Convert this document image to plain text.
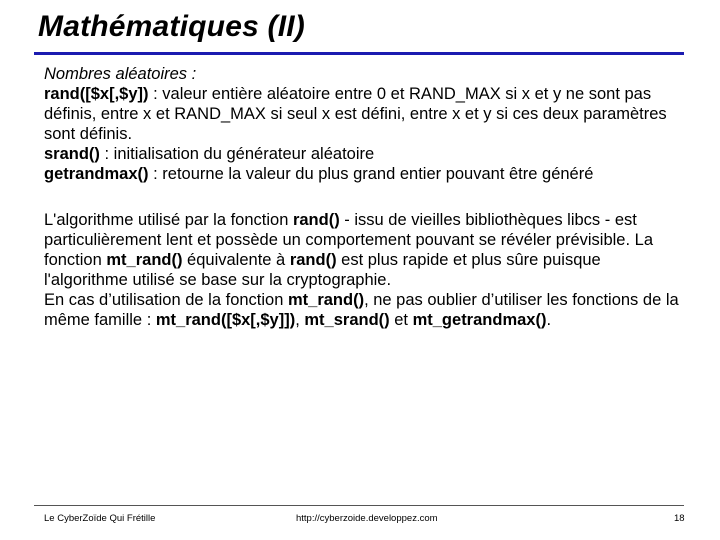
Mathématiques (II)

Nombres aléatoires :

rand([$x[,$y]) : valeur entière aléatoire entre 0 et RAND_MAX si x et y ne sont pas définis, entre x et RAND_MAX si seul x est défini, entre x et y si ces deux paramètres sont définis.

srand() : initialisation du générateur aléatoire

getrandmax() : retourne la valeur du plus grand entier pouvant être généré

L'algorithme utilisé par la fonction rand() - issu de vieilles bibliothèques libcs - est particulièrement lent et possède un comportement pouvant se révéler prévisible. La fonction mt_rand() équivalente à rand() est plus rapide et plus sûre puisque l'algorithme utilisé se base sur la cryptographie.

En cas d’utilisation de la fonction mt_rand(), ne pas oublier d’utiliser les fonctions de la même famille : mt_rand([$x[,$y]]), mt_srand() et mt_getrandmax().

Le CyberZoïde Qui Frétille	http://cyberzoide.developpez.com	18
